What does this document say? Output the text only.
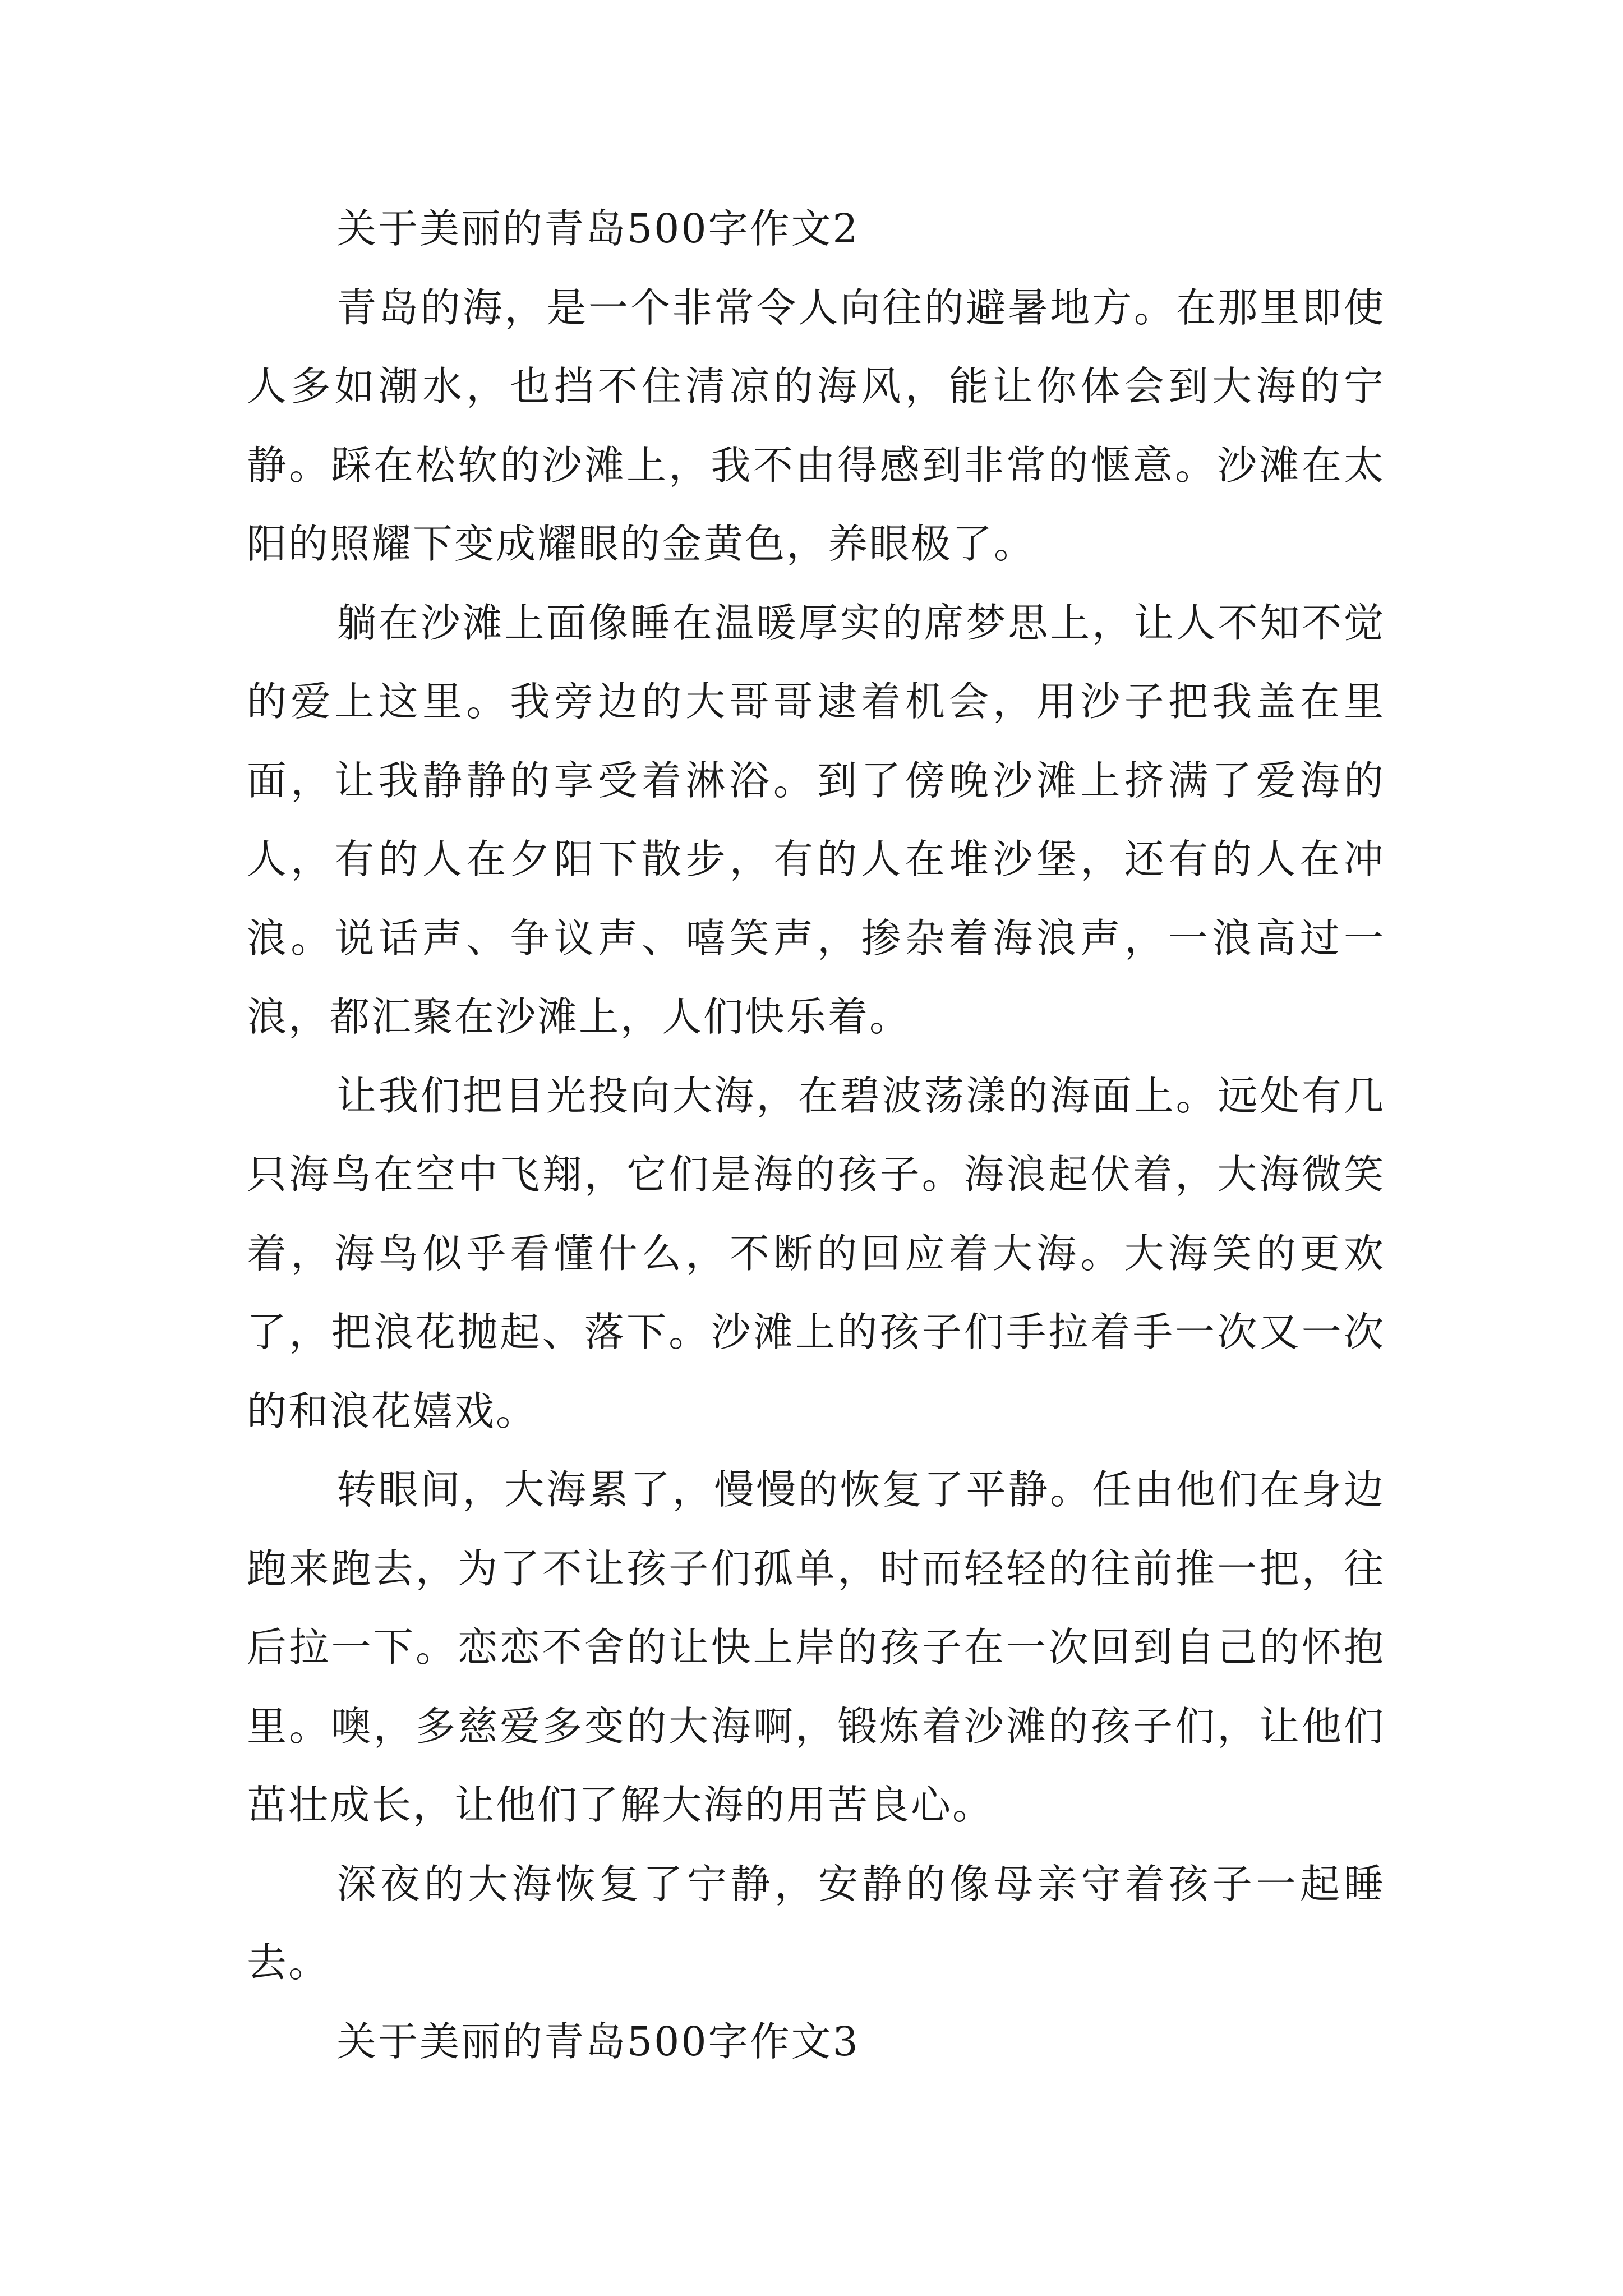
关于美丽的青岛500字作文2

青岛的海，是一个非常令人向往的避暑地方。在那里即使人多如潮水，也挡不住清凉的海风，能让你体会到大海的宁静。踩在松软的沙滩上，我不由得感到非常的惬意。沙滩在太阳的照耀下变成耀眼的金黄色，养眼极了。

躺在沙滩上面像睡在温暖厚实的席梦思上，让人不知不觉的爱上这里。我旁边的大哥哥逮着机会，用沙子把我盖在里面，让我静静的享受着淋浴。到了傍晚沙滩上挤满了爱海的人，有的人在夕阳下散步，有的人在堆沙堡，还有的人在冲浪。说话声、争议声、嘻笑声，掺杂着海浪声，一浪高过一浪，都汇聚在沙滩上，人们快乐着。

让我们把目光投向大海，在碧波荡漾的海面上。远处有几只海鸟在空中飞翔，它们是海的孩子。海浪起伏着，大海微笑着，海鸟似乎看懂什么，不断的回应着大海。大海笑的更欢了，把浪花抛起、落下。沙滩上的孩子们手拉着手一次又一次的和浪花嬉戏。

转眼间，大海累了，慢慢的恢复了平静。任由他们在身边跑来跑去，为了不让孩子们孤单，时而轻轻的往前推一把，往后拉一下。恋恋不舍的让快上岸的孩子在一次回到自己的怀抱里。噢，多慈爱多变的大海啊，锻炼着沙滩的孩子们，让他们茁壮成长，让他们了解大海的用苦良心。

深夜的大海恢复了宁静，安静的像母亲守着孩子一起睡去。

关于美丽的青岛500字作文3
